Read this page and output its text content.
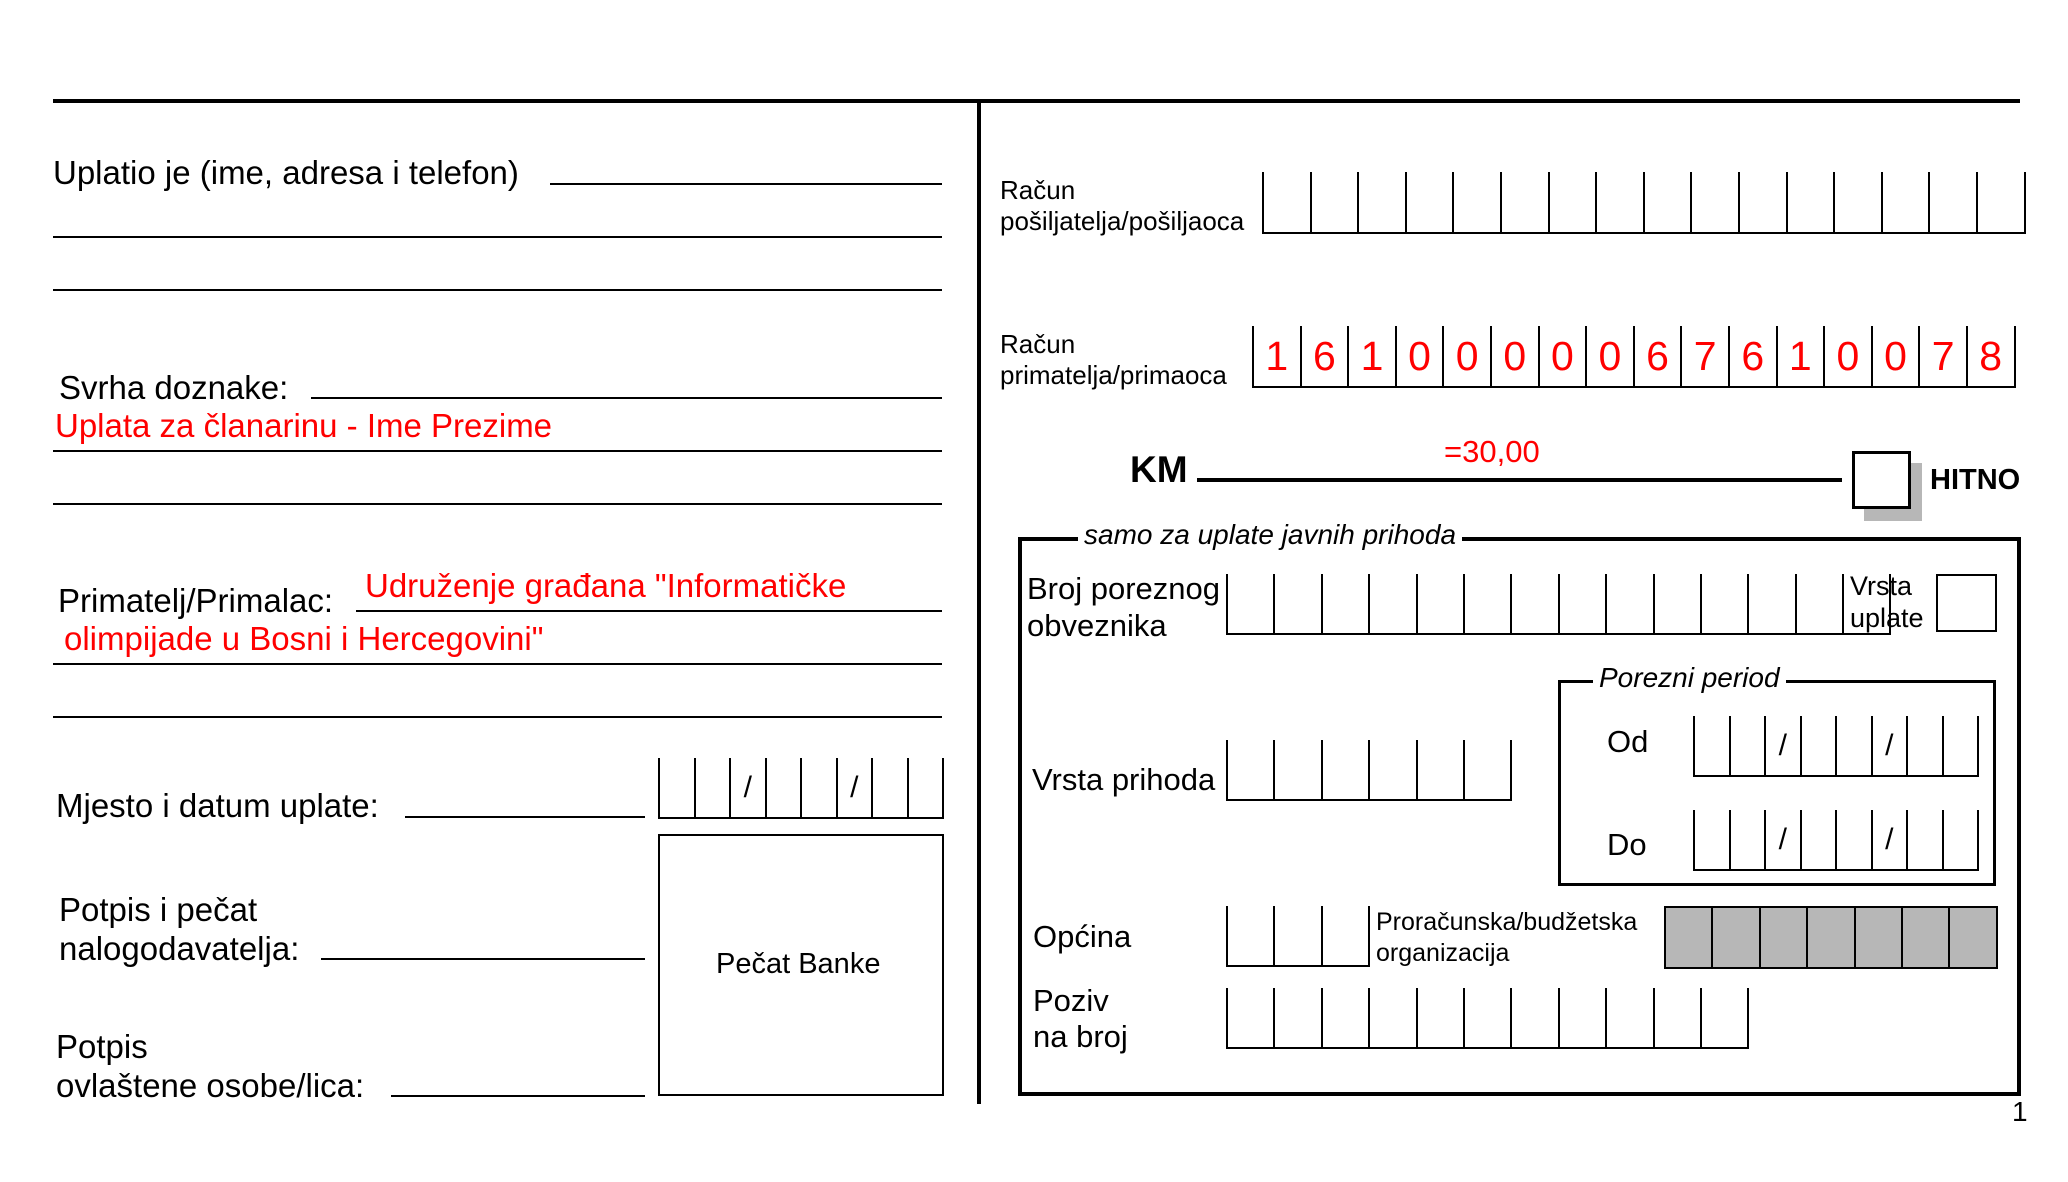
Uplatio je (ime, adresa i telefon)
Svrha doznake:
Uplata za članarinu - Ime Prezime
Primatelj/Primalac: Udruženje građana "Informatičke
olimpijade u Bosni i Hercegovini"
Mjesto i datum uplate:	/	/
Potpis i pečat
nalogodavatelja:	Pečat Banke
Potpis
ovlaštene osobe/lica:
Račun
pošiljatelja/pošiljaoca
Račun
primatelja/primaoca 1 6 1 0 0 0 0 0 6 7 6 1 0 0 7 8
KM	=30,00
HITNO
samo za uplate javnih prihoda
Broj poreznog
obveznika
Vrsta
uplate
Porezni period
Od	/	/
Do	/	/
Vrsta prihoda
Općina	Proračunska/budžetska
organizacija
Poziv
na broj
1
